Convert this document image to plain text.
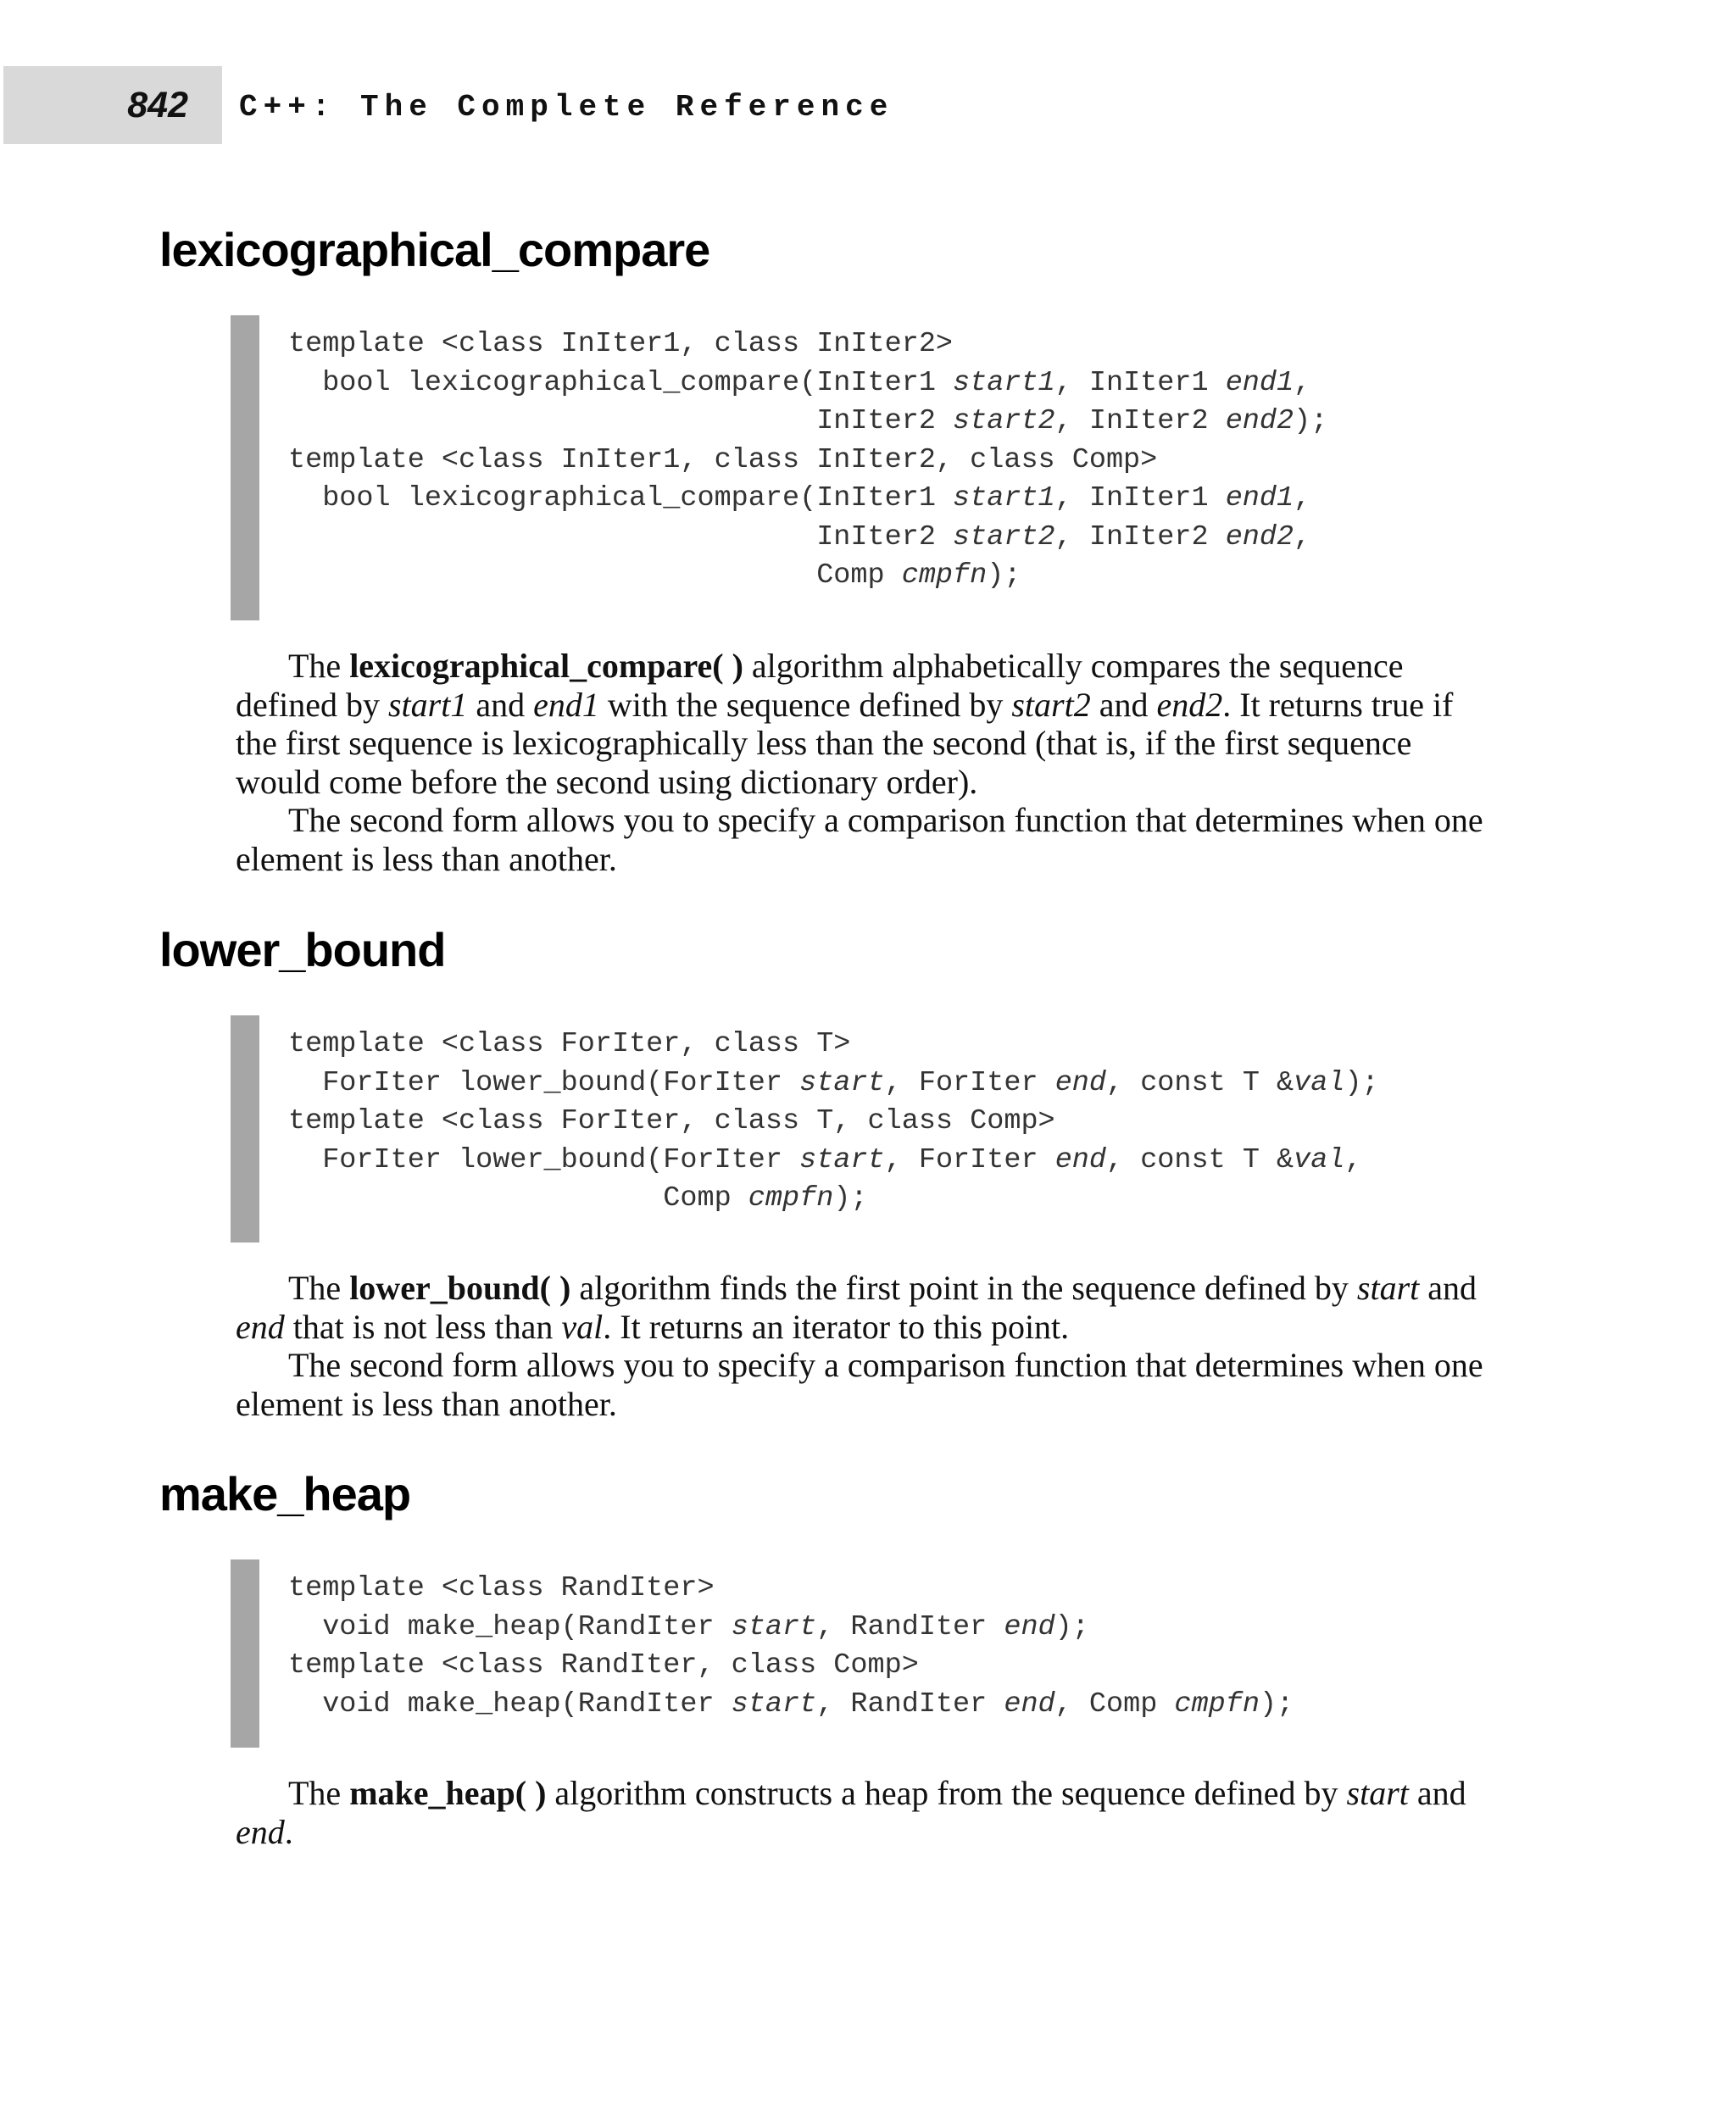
842 C++: The Complete Reference
lexicographical_compare
template <class InIter1, class InIter2>
bool lexicographical_compare(InIter1 start1, InIter1 end1,
InIter2 start2, InIter2 end2);
template <class InIter1, class InIter2, class Comp>
bool lexicographical_compare(InIter1 start1, InIter1 end1,
InIter2 start2, InIter2 end2,
Comp cmpfn);

The lexicographical_compare( ) algorithm alphabetically compares the sequence defined by start1 and end1 with the sequence defined by start2 and end2. It returns true if the first sequence is lexicographically less than the second (that is, if the first sequence would come before the second using dictionary order).

The second form allows you to specify a comparison function that determines when one element is less than another.

lower_bound
template <class ForIter, class T>
ForIter lower_bound(ForIter start, ForIter end, const T &val);
template <class ForIter, class T, class Comp>
ForIter lower_bound(ForIter start, ForIter end, const T &val,
Comp cmpfn);

The lower_bound( ) algorithm finds the first point in the sequence defined by start and end that is not less than val. It returns an iterator to this point.

The second form allows you to specify a comparison function that determines when one element is less than another.

make_heap
template <class RandIter>
void make_heap(RandIter start, RandIter end);
template <class RandIter, class Comp>
void make_heap(RandIter start, RandIter end, Comp cmpfn);

The make_heap( ) algorithm constructs a heap from the sequence defined by start and end.
